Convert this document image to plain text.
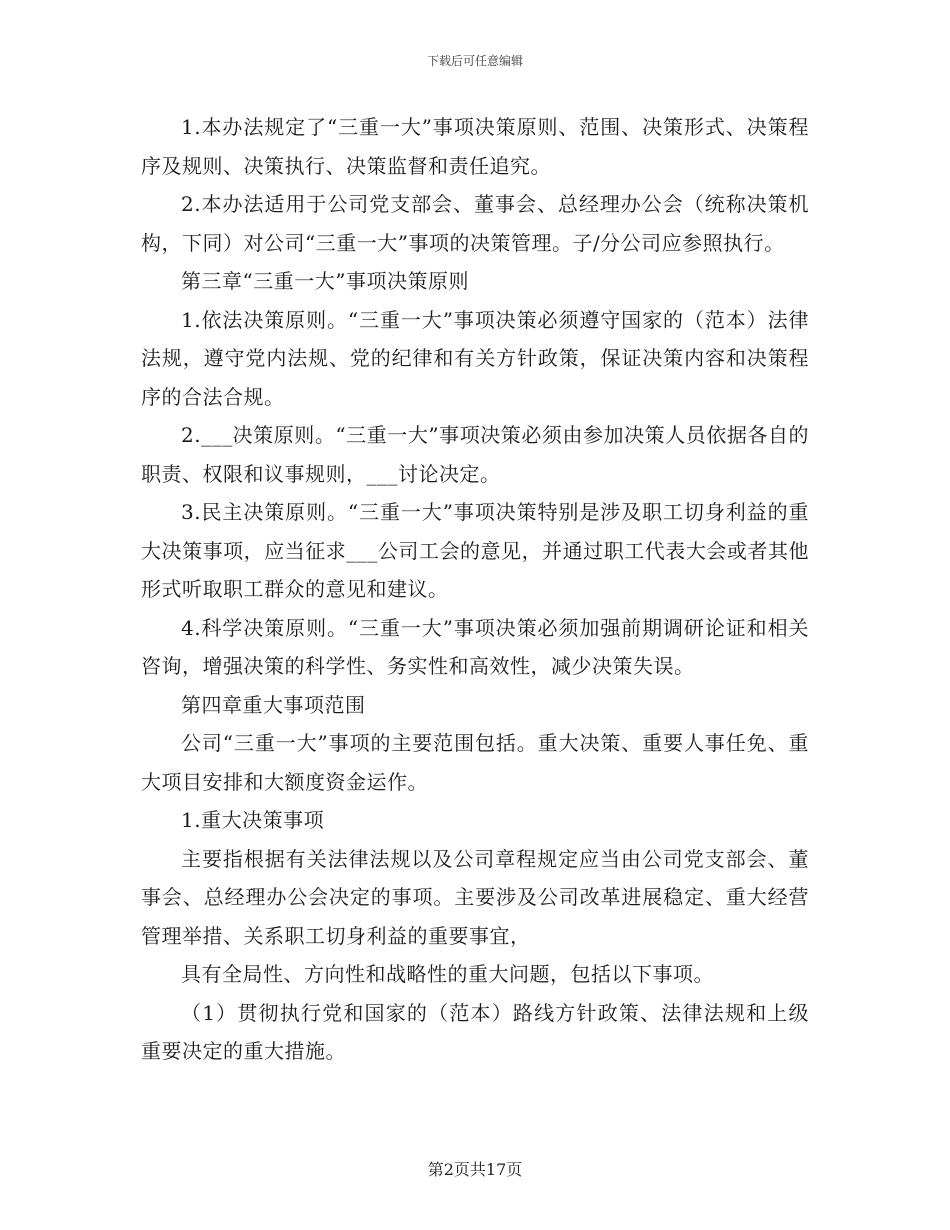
下载后可任意编辑

1.本办法规定了“三重一大”事项决策原则、范围、决策形式、决策程序及规则、决策执行、决策监督和责任追究。

2.本办法适用于公司党支部会、董事会、总经理办公会（统称决策机构，下同）对公司“三重一大”事项的决策管理。子/分公司应参照执行。

第三章“三重一大”事项决策原则

1.依法决策原则。“三重一大”事项决策必须遵守国家的（范本）法律法规，遵守党内法规、党的纪律和有关方针政策，保证决策内容和决策程序的合法合规。

2.___决策原则。“三重一大”事项决策必须由参加决策人员依据各自的职责、权限和议事规则，___讨论决定。

3.民主决策原则。“三重一大”事项决策特别是涉及职工切身利益的重大决策事项，应当征求___公司工会的意见，并通过职工代表大会或者其他形式听取职工群众的意见和建议。

4.科学决策原则。“三重一大”事项决策必须加强前期调研论证和相关咨询，增强决策的科学性、务实性和高效性，减少决策失误。

第四章重大事项范围

公司“三重一大”事项的主要范围包括。重大决策、重要人事任免、重大项目安排和大额度资金运作。

1.重大决策事项

主要指根据有关法律法规以及公司章程规定应当由公司党支部会、董事会、总经理办公会决定的事项。主要涉及公司改革进展稳定、重大经营管理举措、关系职工切身利益的重要事宜，

具有全局性、方向性和战略性的重大问题，包括以下事项。

（1）贯彻执行党和国家的（范本）路线方针政策、法律法规和上级重要决定的重大措施。

第2页共17页
